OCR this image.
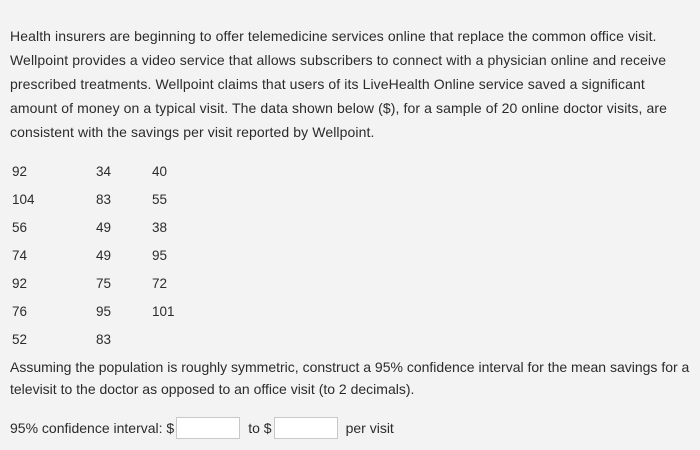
Health insurers are beginning to offer telemedicine services online that replace the common office visit. Wellpoint provides a video service that allows subscribers to connect with a physician online and receive prescribed treatments. Wellpoint claims that users of its LiveHealth Online service saved a significant amount of money on a typical visit. The data shown below ($), for a sample of 20 online doctor visits, are consistent with the savings per visit reported by Wellpoint.

92	34	40
104	83	55
56	49	38
74	49	95
92	75	72
76	95	101
52	83	

Assuming the population is roughly symmetric, construct a 95% confidence interval for the mean savings for a televisit to the doctor as opposed to an office visit (to 2 decimals).

95% confidence interval: $	to $	per visit
